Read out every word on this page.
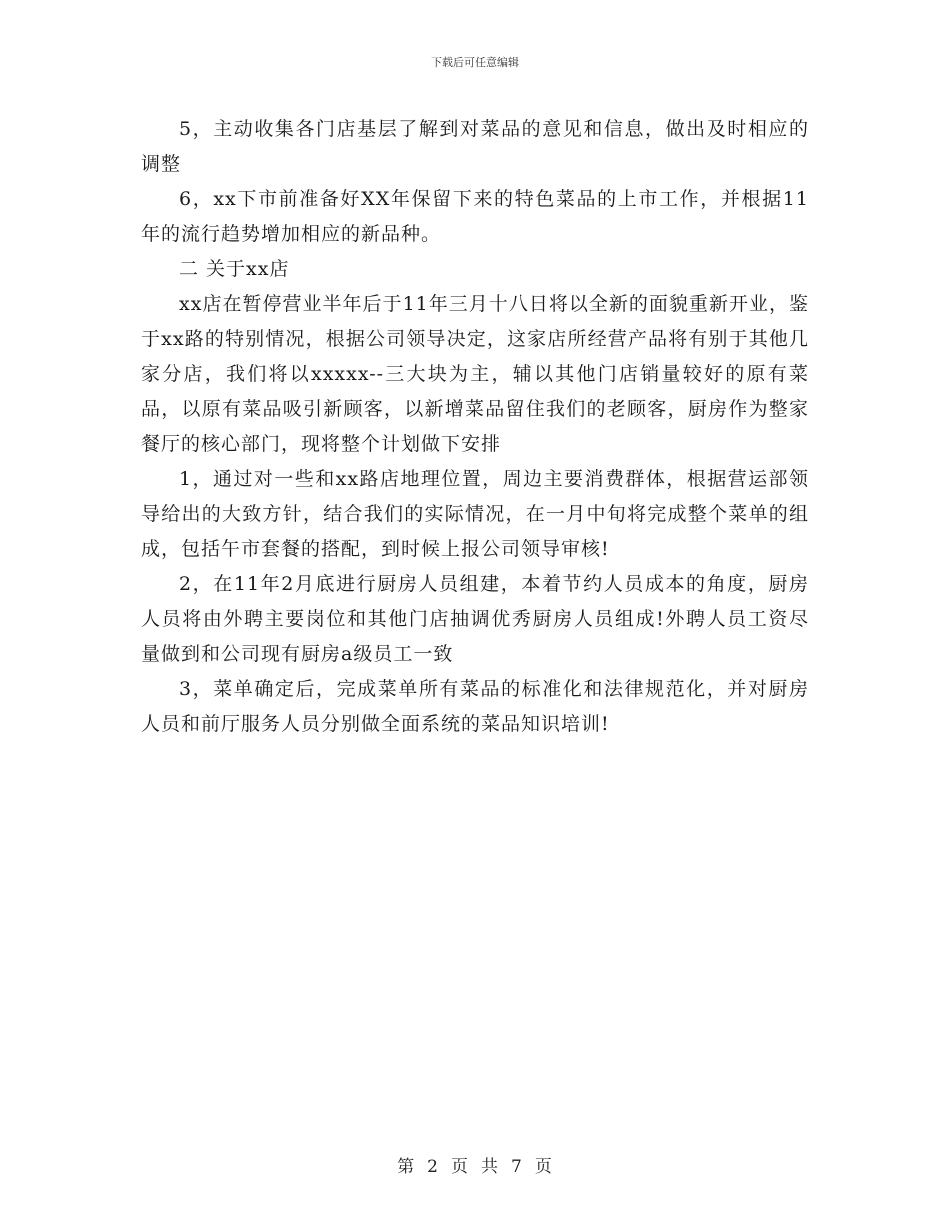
下载后可任意编辑

5，主动收集各门店基层了解到对菜品的意见和信息，做出及时相应的调整

6，xx下市前准备好XX年保留下来的特色菜品的上市工作，并根据11年的流行趋势增加相应的新品种。

二 关于xx店

xx店在暂停营业半年后于11年三月十八日将以全新的面貌重新开业，鉴于xx路的特别情况，根据公司领导决定，这家店所经营产品将有别于其他几家分店，我们将以xxxxx--三大块为主，辅以其他门店销量较好的原有菜品，以原有菜品吸引新顾客，以新增菜品留住我们的老顾客，厨房作为整家餐厅的核心部门，现将整个计划做下安排

1，通过对一些和xx路店地理位置，周边主要消费群体，根据营运部领导给出的大致方针，结合我们的实际情况，在一月中旬将完成整个菜单的组成，包括午市套餐的搭配，到时候上报公司领导审核!

2，在11年2月底进行厨房人员组建，本着节约人员成本的角度，厨房人员将由外聘主要岗位和其他门店抽调优秀厨房人员组成!外聘人员工资尽量做到和公司现有厨房a级员工一致

3，菜单确定后，完成菜单所有菜品的标准化和法律规范化，并对厨房人员和前厅服务人员分别做全面系统的菜品知识培训!

第 2 页 共 7 页
